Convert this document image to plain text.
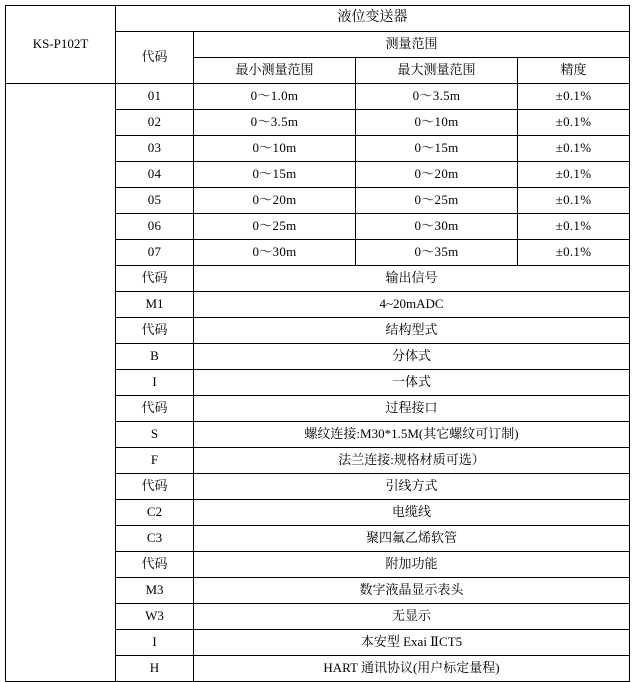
KS-P102T	液位变送器			
	代码	测量范围		
		最小测量范围	最大测量范围	精度
	01	0～1.0m	0～3.5m	±0.1%
	02	0～3.5m	0～10m	±0.1%
	03	0～10m	0～15m	±0.1%
	04	0～15m	0～20m	±0.1%
	05	0～20m	0～25m	±0.1%
	06	0～25m	0～30m	±0.1%
	07	0～30m	0～35m	±0.1%
	代码	输出信号		
	M1	4~20mADC		
	代码	结构型式		
	B	分体式		
	I	一体式		
	代码	过程接口		
	S	螺纹连接:M30*1.5M(其它螺纹可订制)		
	F	法兰连接:规格材质可选）		
	代码	引线方式		
	C2	电缆线		
	C3	聚四氟乙烯软管		
	代码	附加功能		
	M3	数字液晶显示表头		
	W3	无显示		
	I	本安型 Exai ⅡCT5		
	H	HART 通讯协议(用户标定量程)		
